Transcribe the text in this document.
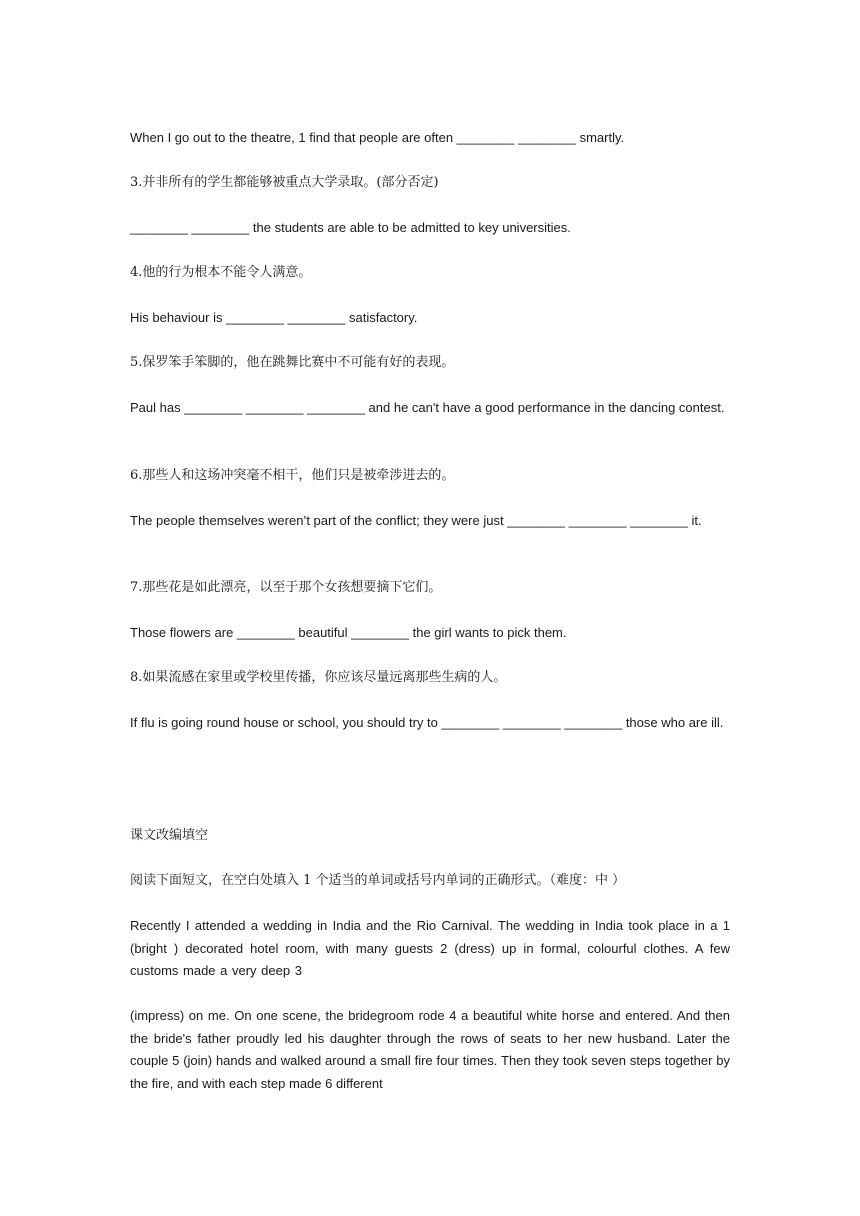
When I go out to the theatre, 1 find that people are often ________ ________ smartly.

3.并非所有的学生都能够被重点大学录取。(部分否定)

________ ________ the students are able to be admitted to key universities.

4.他的行为根本不能令人满意。

His behaviour is ________ ________ satisfactory.

5.保罗笨手笨脚的，他在跳舞比赛中不可能有好的表现。

Paul has ________ ________ ________ and he can't have a good performance in the dancing contest.

6.那些人和这场冲突毫不相干，他们只是被牵涉进去的。

The people themselves weren’t part of the conflict; they were just ________ ________ ________ it.

7.那些花是如此漂亮，以至于那个女孩想要摘下它们。

Those flowers are ________ beautiful ________ the girl wants to pick them.

8.如果流感在家里或学校里传播，你应该尽量远离那些生病的人。

If flu is going round house or school, you should try to ________ ________ ________ those who are ill.

课文改编填空

阅读下面短文，在空白处填入 1 个适当的单词或括号内单词的正确形式。（难度：中 ）

Recently I attended a wedding in India and the Rio Carnival. The wedding in India took place in a 1 (bright ) decorated hotel room, with many guests 2 (dress) up in formal, colourful clothes. A few customs made a very deep 3

(impress) on me. On one scene, the bridegroom rode 4 a beautiful white horse and entered. And then the bride's father proudly led his daughter through the rows of seats to her new husband. Later the couple 5 (join) hands and walked around a small fire four times. Then they took seven steps together by the fire, and with each step made 6 different
